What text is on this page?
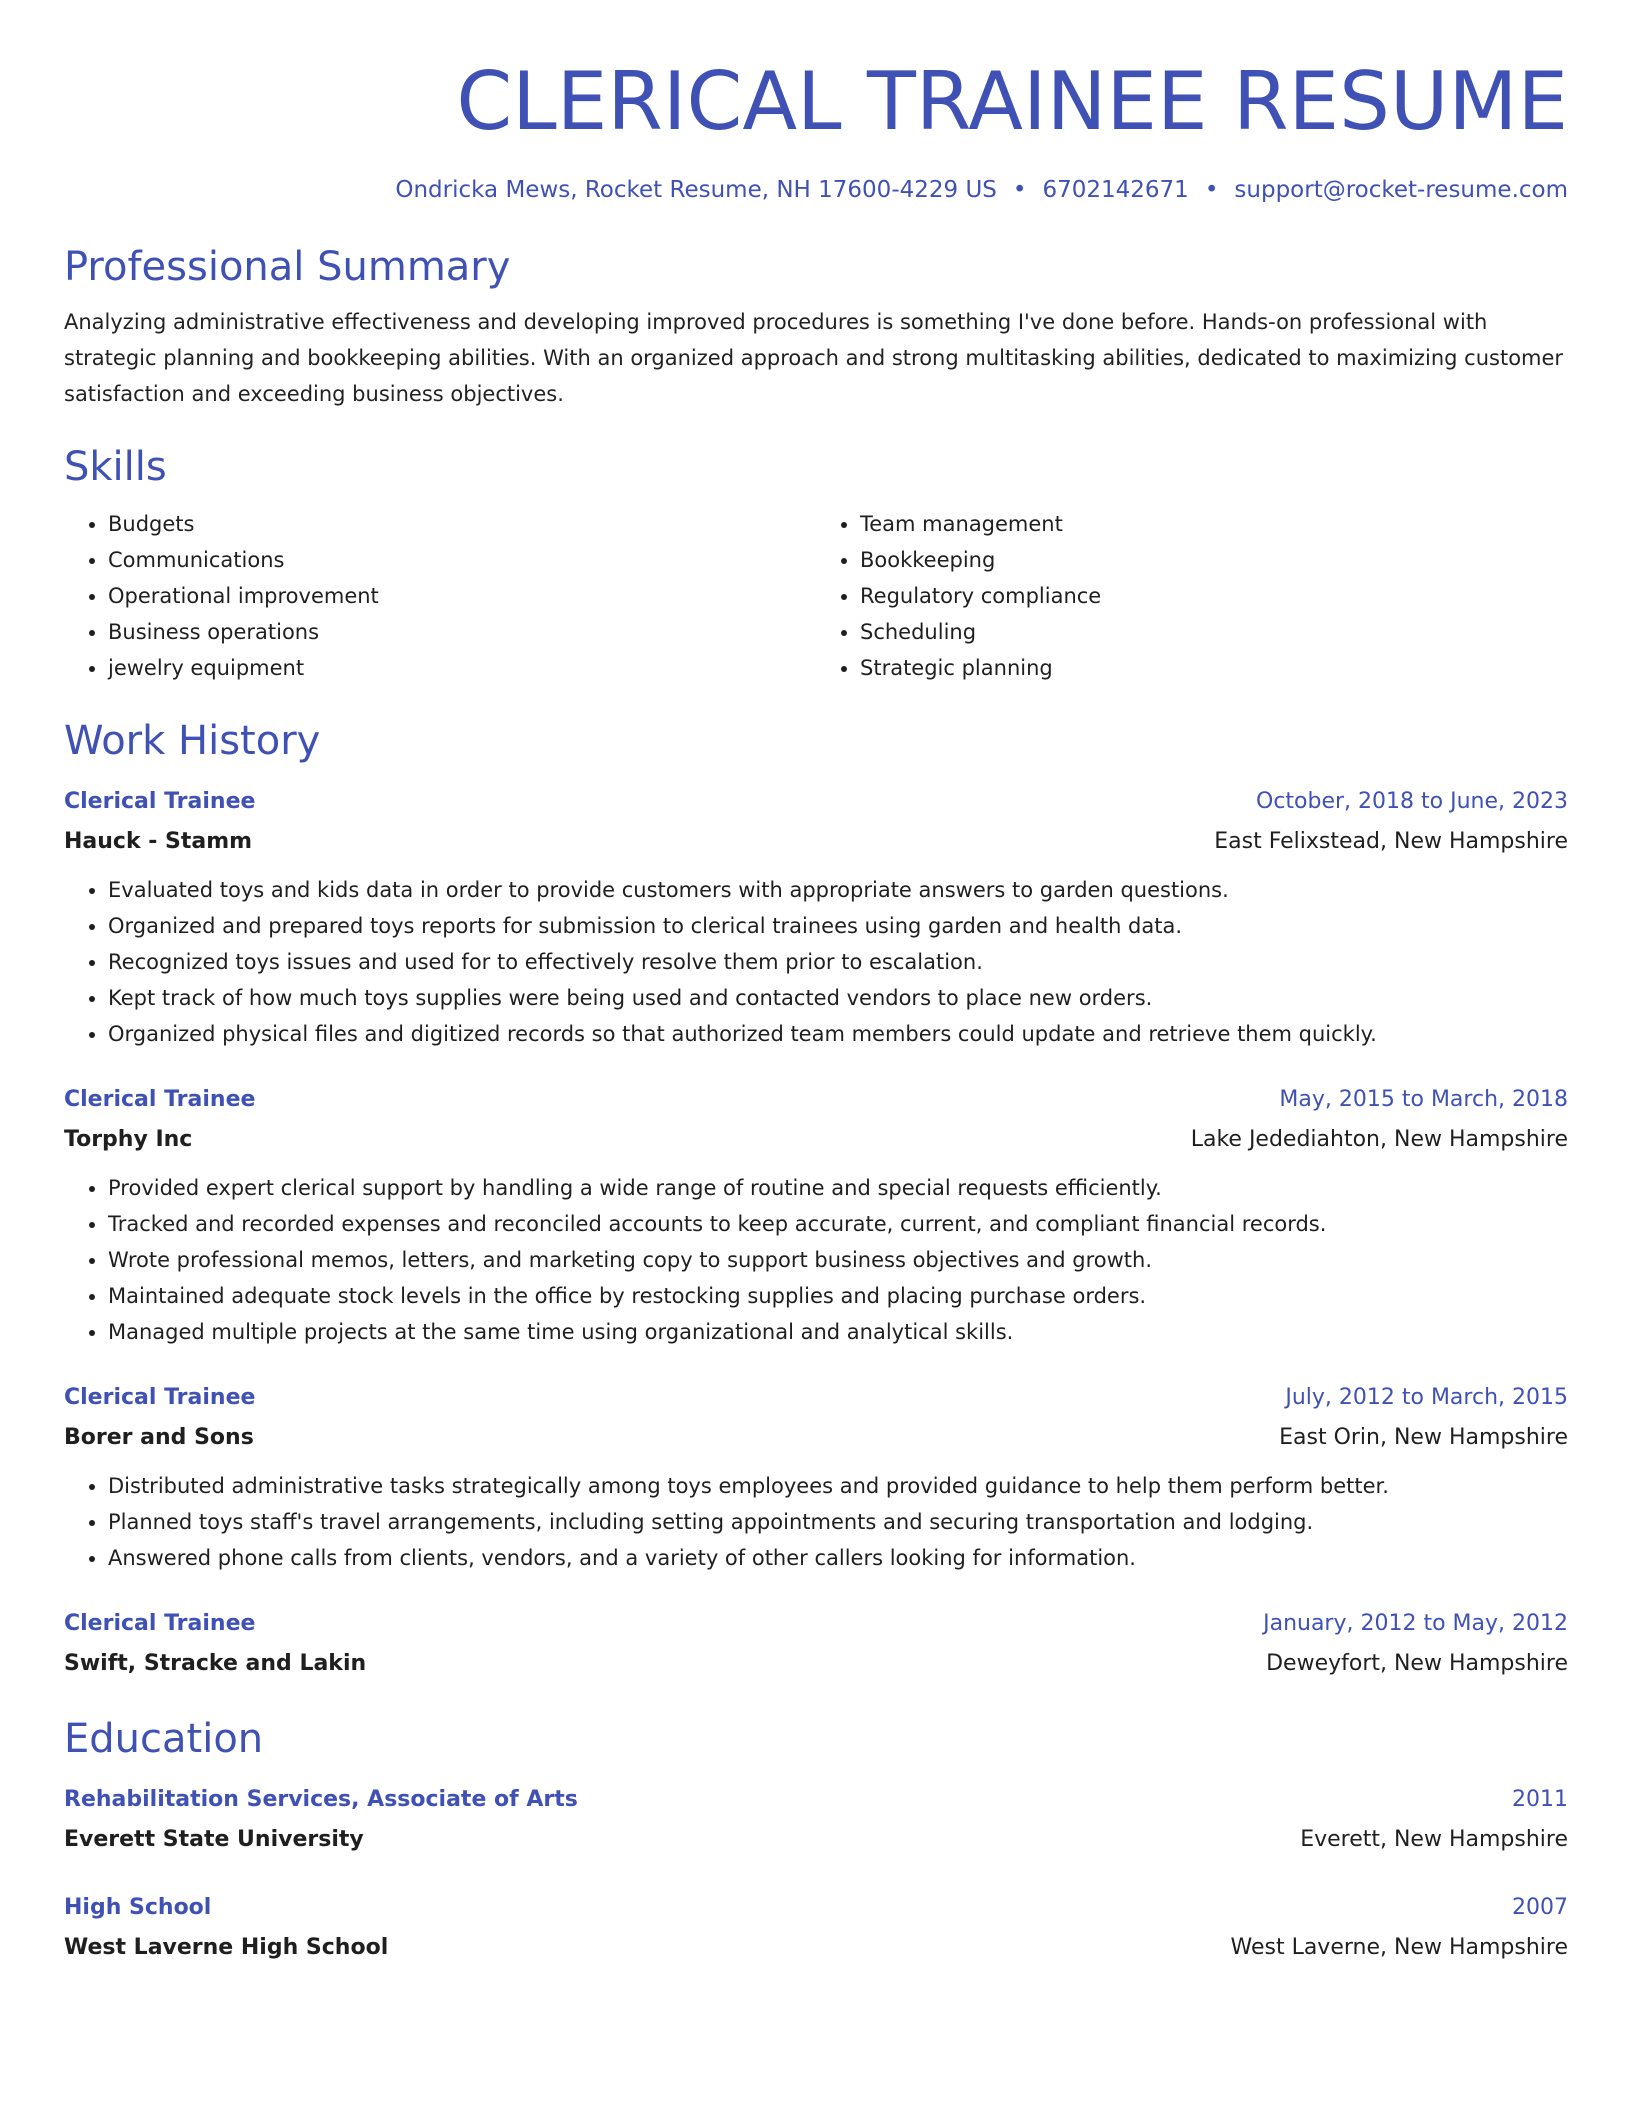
CLERICAL TRAINEE RESUME
Ondricka Mews, Rocket Resume, NH 17600-4229 US • 6702142671 • support@rocket-resume.com
Professional Summary

Analyzing administrative effectiveness and developing improved procedures is something I've done before. Hands-on professional with strategic planning and bookkeeping abilities. With an organized approach and strong multitasking abilities, dedicated to maximizing customer satisfaction and exceeding business objectives.

Skills
• Budgets
• Communications
• Operational improvement
• Business operations
• jewelry equipment
• Team management
• Bookkeeping
• Regulatory compliance
• Scheduling
• Strategic planning
Work History
Clerical Trainee	October, 2018 to June, 2023
Hauck - Stamm	East Felixstead, New Hampshire
• Evaluated toys and kids data in order to provide customers with appropriate answers to garden questions.
• Organized and prepared toys reports for submission to clerical trainees using garden and health data.
• Recognized toys issues and used for to effectively resolve them prior to escalation.
• Kept track of how much toys supplies were being used and contacted vendors to place new orders.
• Organized physical files and digitized records so that authorized team members could update and retrieve them quickly.
Clerical Trainee	May, 2015 to March, 2018
Torphy Inc	Lake Jedediahton, New Hampshire
• Provided expert clerical support by handling a wide range of routine and special requests efficiently.
• Tracked and recorded expenses and reconciled accounts to keep accurate, current, and compliant financial records.
• Wrote professional memos, letters, and marketing copy to support business objectives and growth.
• Maintained adequate stock levels in the office by restocking supplies and placing purchase orders.
• Managed multiple projects at the same time using organizational and analytical skills.
Clerical Trainee	July, 2012 to March, 2015
Borer and Sons	East Orin, New Hampshire
• Distributed administrative tasks strategically among toys employees and provided guidance to help them perform better.
• Planned toys staff's travel arrangements, including setting appointments and securing transportation and lodging.
• Answered phone calls from clients, vendors, and a variety of other callers looking for information.
Clerical Trainee	January, 2012 to May, 2012
Swift, Stracke and Lakin	Deweyfort, New Hampshire
Education
Rehabilitation Services, Associate of Arts	2011
Everett State University	Everett, New Hampshire
High School	2007
West Laverne High School	West Laverne, New Hampshire
